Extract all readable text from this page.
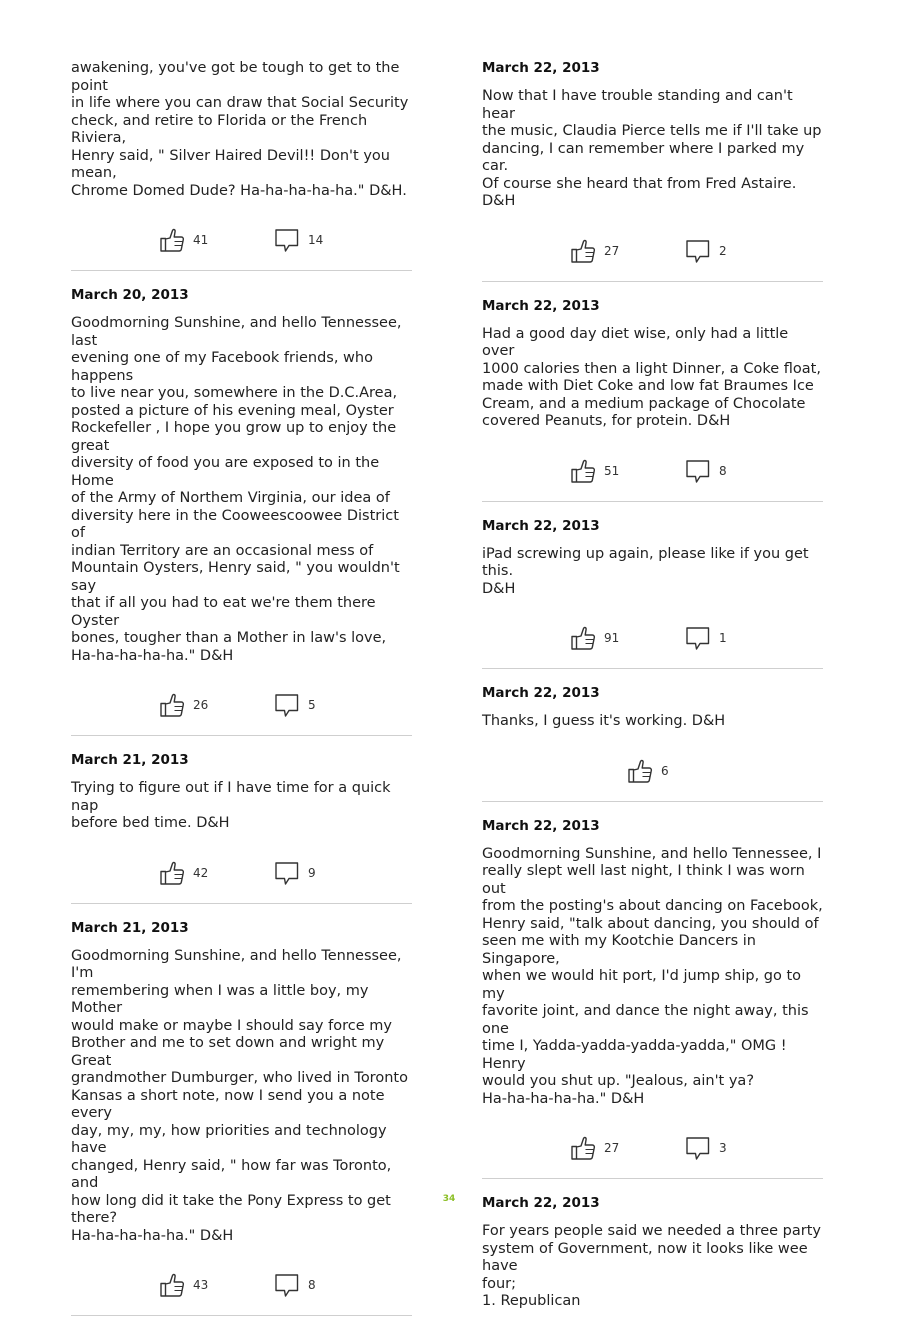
awakening, you've got be tough to get to the point
in life where you can draw that Social Security
check, and retire to Florida or the French Riviera,
Henry said, " Silver Haired Devil!! Don't you mean,
Chrome Domed Dude? Ha-ha-ha-ha-ha." D&H.

41	14
March 20, 2013

Goodmorning Sunshine, and hello Tennessee, last
evening one of my Facebook friends, who happens
to live near you, somewhere in the D.C.Area,
posted a picture of his evening meal, Oyster
Rockefeller , I hope you grow up to enjoy the great
diversity of food you are exposed to in the Home
of the Army of Northem Virginia, our idea of
diversity here in the Cooweescoowee District of
indian Territory are an occasional mess of
Mountain Oysters, Henry said, " you wouldn't say
that if all you had to eat we're them there Oyster
bones, tougher than a Mother in law's love,
Ha-ha-ha-ha-ha." D&H

26	5
March 21, 2013

Trying to figure out if I have time for a quick nap
before bed time. D&H

42	9
March 21, 2013

Goodmorning Sunshine, and hello Tennessee, I'm
remembering when I was a little boy, my Mother
would make or maybe I should say force my
Brother and me to set down and wright my Great
grandmother Dumburger, who lived in Toronto
Kansas a short note, now I send you a note every
day, my, my, how priorities and technology have
changed, Henry said, " how far was Toronto, and
how long did it take the Pony Express to get there?
Ha-ha-ha-ha-ha." D&H

43	8
March 22, 2013

Now that I have trouble standing and can't hear
the music, Claudia Pierce tells me if I'll take up
dancing, I can remember where I parked my car.
Of course she heard that from Fred Astaire. D&H

27	2
March 22, 2013

Had a good day diet wise, only had a little over
1000 calories then a light Dinner, a Coke float,
made with Diet Coke and low fat Braumes Ice
Cream, and a medium package of Chocolate
covered Peanuts, for protein. D&H

51	8
March 22, 2013

iPad screwing up again, please like if you get this.
D&H

91	1
March 22, 2013

Thanks, I guess it's working. D&H

6
March 22, 2013

Goodmorning Sunshine, and hello Tennessee, I
really slept well last night, I think I was worn out
from the posting's about dancing on Facebook,
Henry said, "talk about dancing, you should of
seen me with my Kootchie Dancers in Singapore,
when we would hit port, I'd jump ship, go to my
favorite joint, and dance the night away, this one
time I, Yadda-yadda-yadda-yadda," OMG ! Henry
would you shut up. "Jealous, ain't ya?
Ha-ha-ha-ha-ha." D&H

27	3
March 22, 2013

For years people said we needed a three party
system of Government, now it looks like wee have
four;
1. Republican

34
